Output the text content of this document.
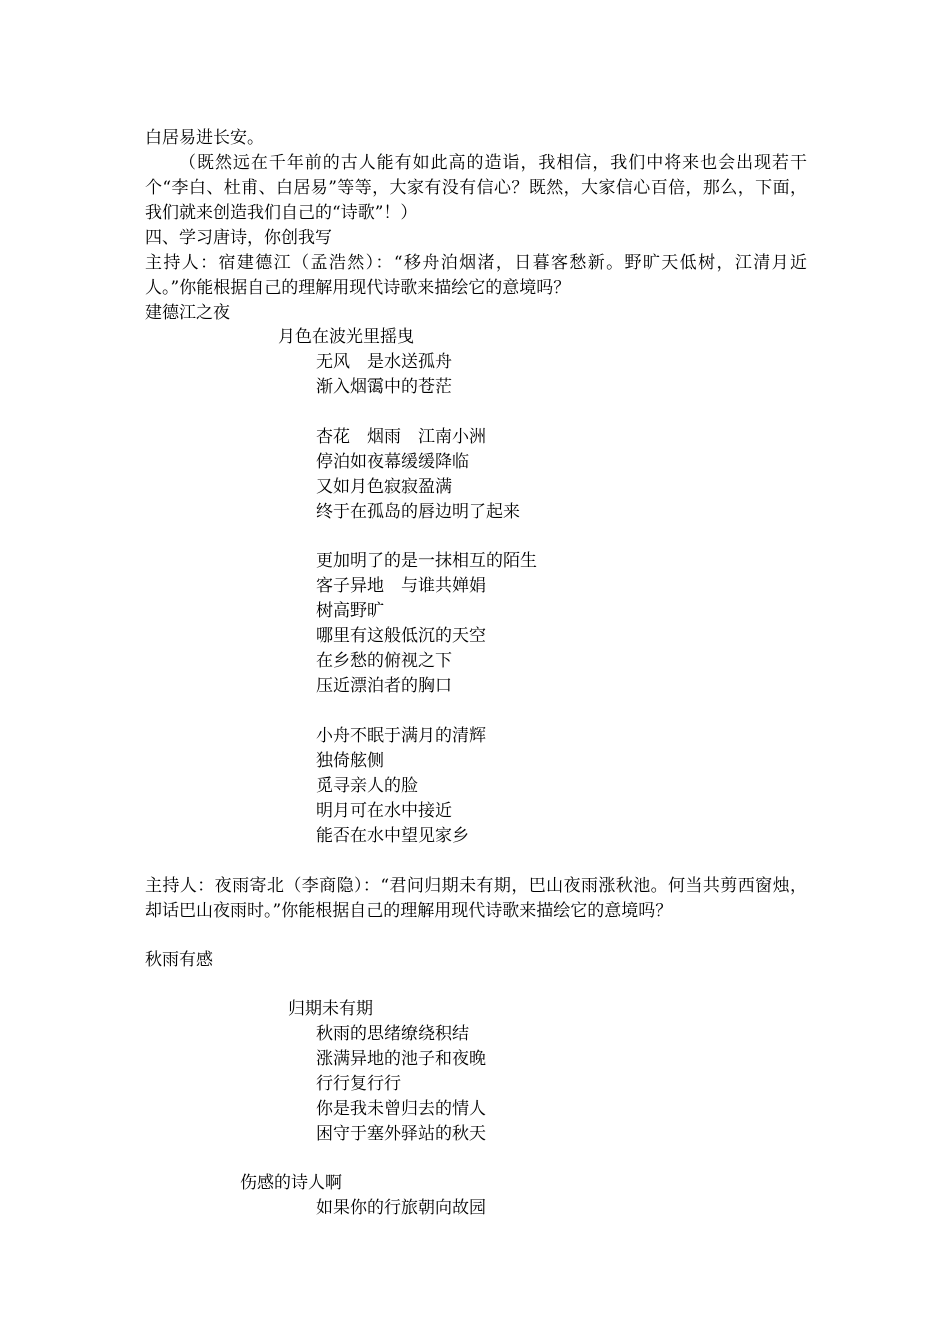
白居易进长安。

（既然远在千年前的古人能有如此高的造诣，我相信，我们中将来也会出现若干个“李白、杜甫、白居易”等等，大家有没有信心？既然，大家信心百倍，那么，下面，我们就来创造我们自己的“诗歌”！）

四、学习唐诗，你创我写

主持人：宿建德江（孟浩然）：“移舟泊烟渚，日暮客愁新。野旷天低树，江清月近人。”你能根据自己的理解用现代诗歌来描绘它的意境吗？

建德江之夜

月色在波光里摇曳

无风　是水送孤舟

渐入烟霭中的苍茫

杏花　烟雨　江南小洲

停泊如夜幕缓缓降临

又如月色寂寂盈满

终于在孤岛的唇边明了起来

更加明了的是一抹相互的陌生

客子异地　与谁共婵娟

树高野旷

哪里有这般低沉的天空

在乡愁的俯视之下

压近漂泊者的胸口

小舟不眠于满月的清辉

独倚舷侧

觅寻亲人的脸

明月可在水中接近

能否在水中望见家乡

主持人：夜雨寄北（李商隐）：“君问归期未有期，巴山夜雨涨秋池。何当共剪西窗烛，却话巴山夜雨时。”你能根据自己的理解用现代诗歌来描绘它的意境吗？

秋雨有感

归期未有期

秋雨的思绪缭绕积结

涨满异地的池子和夜晚

行行复行行

你是我未曾归去的情人

困守于塞外驿站的秋天

伤感的诗人啊

如果你的行旅朝向故园
